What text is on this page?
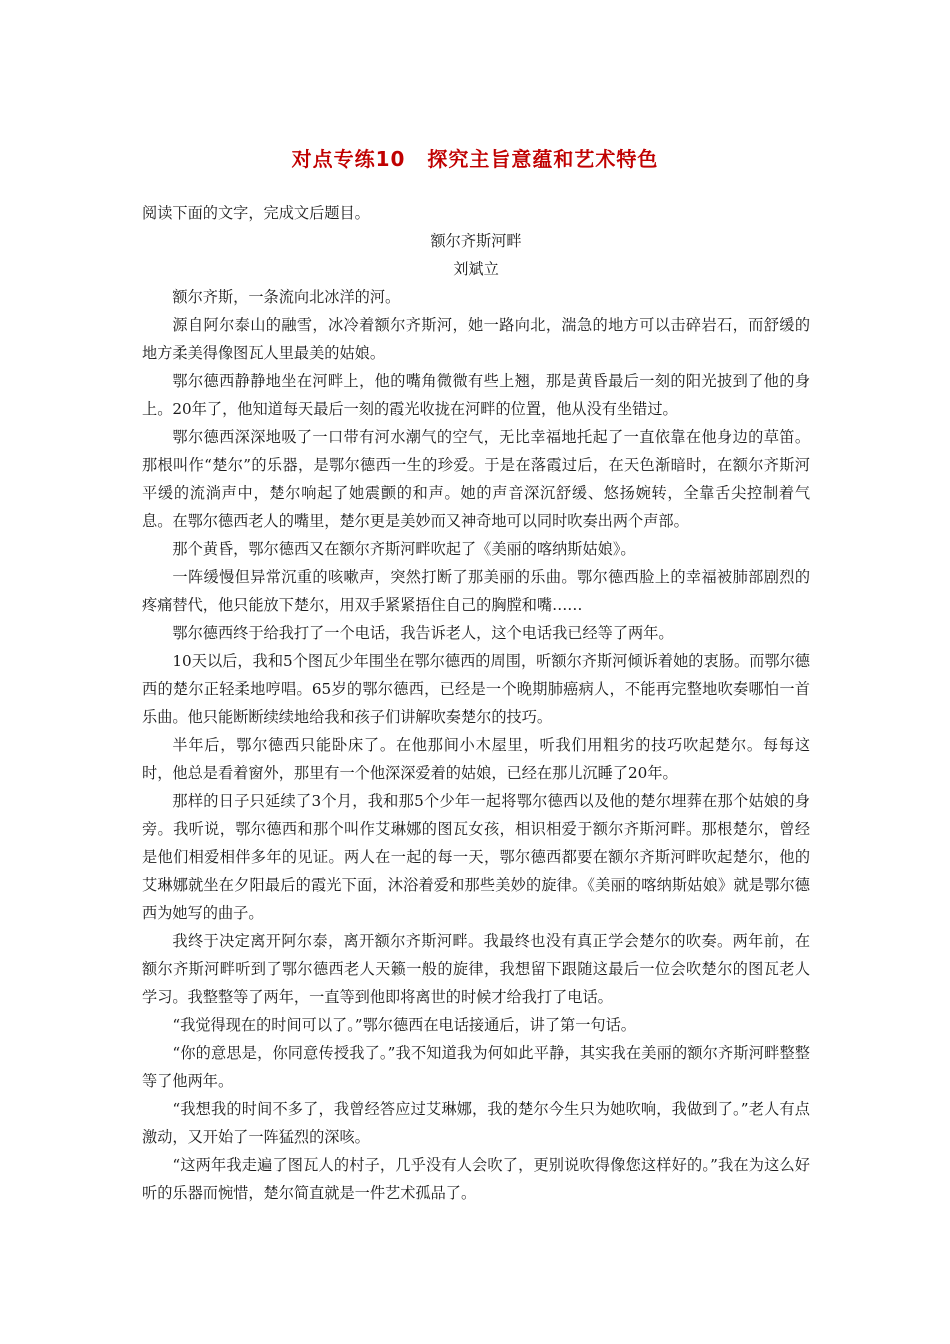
对点专练10 探究主旨意蕴和艺术特色

阅读下面的文字，完成文后题目。

额尔齐斯河畔

刘斌立

额尔齐斯，一条流向北冰洋的河。

源自阿尔泰山的融雪，冰冷着额尔齐斯河，她一路向北，湍急的地方可以击碎岩石，而舒缓的地方柔美得像图瓦人里最美的姑娘。

鄂尔德西静静地坐在河畔上，他的嘴角微微有些上翘，那是黄昏最后一刻的阳光披到了他的身上。20年了，他知道每天最后一刻的霞光收拢在河畔的位置，他从没有坐错过。

鄂尔德西深深地吸了一口带有河水潮气的空气，无比幸福地托起了一直依靠在他身边的草笛。那根叫作“楚尔”的乐器，是鄂尔德西一生的珍爱。于是在落霞过后，在天色渐暗时，在额尔齐斯河平缓的流淌声中，楚尔响起了她震颤的和声。她的声音深沉舒缓、悠扬婉转，全靠舌尖控制着气息。在鄂尔德西老人的嘴里，楚尔更是美妙而又神奇地可以同时吹奏出两个声部。

那个黄昏，鄂尔德西又在额尔齐斯河畔吹起了《美丽的喀纳斯姑娘》。

一阵缓慢但异常沉重的咳嗽声，突然打断了那美丽的乐曲。鄂尔德西脸上的幸福被肺部剧烈的疼痛替代，他只能放下楚尔，用双手紧紧捂住自己的胸膛和嘴……

鄂尔德西终于给我打了一个电话，我告诉老人，这个电话我已经等了两年。

10天以后，我和5个图瓦少年围坐在鄂尔德西的周围，听额尔齐斯河倾诉着她的衷肠。而鄂尔德西的楚尔正轻柔地哼唱。65岁的鄂尔德西，已经是一个晚期肺癌病人，不能再完整地吹奏哪怕一首乐曲。他只能断断续续地给我和孩子们讲解吹奏楚尔的技巧。

半年后，鄂尔德西只能卧床了。在他那间小木屋里，听我们用粗劣的技巧吹起楚尔。每每这时，他总是看着窗外，那里有一个他深深爱着的姑娘，已经在那儿沉睡了20年。

那样的日子只延续了3个月，我和那5个少年一起将鄂尔德西以及他的楚尔埋葬在那个姑娘的身旁。我听说，鄂尔德西和那个叫作艾琳娜的图瓦女孩，相识相爱于额尔齐斯河畔。那根楚尔，曾经是他们相爱相伴多年的见证。两人在一起的每一天，鄂尔德西都要在额尔齐斯河畔吹起楚尔，他的艾琳娜就坐在夕阳最后的霞光下面，沐浴着爱和那些美妙的旋律。《美丽的喀纳斯姑娘》就是鄂尔德西为她写的曲子。

我终于决定离开阿尔泰，离开额尔齐斯河畔。我最终也没有真正学会楚尔的吹奏。两年前，在额尔齐斯河畔听到了鄂尔德西老人天籁一般的旋律，我想留下跟随这最后一位会吹楚尔的图瓦老人学习。我整整等了两年，一直等到他即将离世的时候才给我打了电话。

“我觉得现在的时间可以了。”鄂尔德西在电话接通后，讲了第一句话。

“你的意思是，你同意传授我了。”我不知道我为何如此平静，其实我在美丽的额尔齐斯河畔整整等了他两年。

“我想我的时间不多了，我曾经答应过艾琳娜，我的楚尔今生只为她吹响，我做到了。”老人有点激动，又开始了一阵猛烈的深咳。

“这两年我走遍了图瓦人的村子，几乎没有人会吹了，更别说吹得像您这样好的。”我在为这么好听的乐器而惋惜，楚尔简直就是一件艺术孤品了。
